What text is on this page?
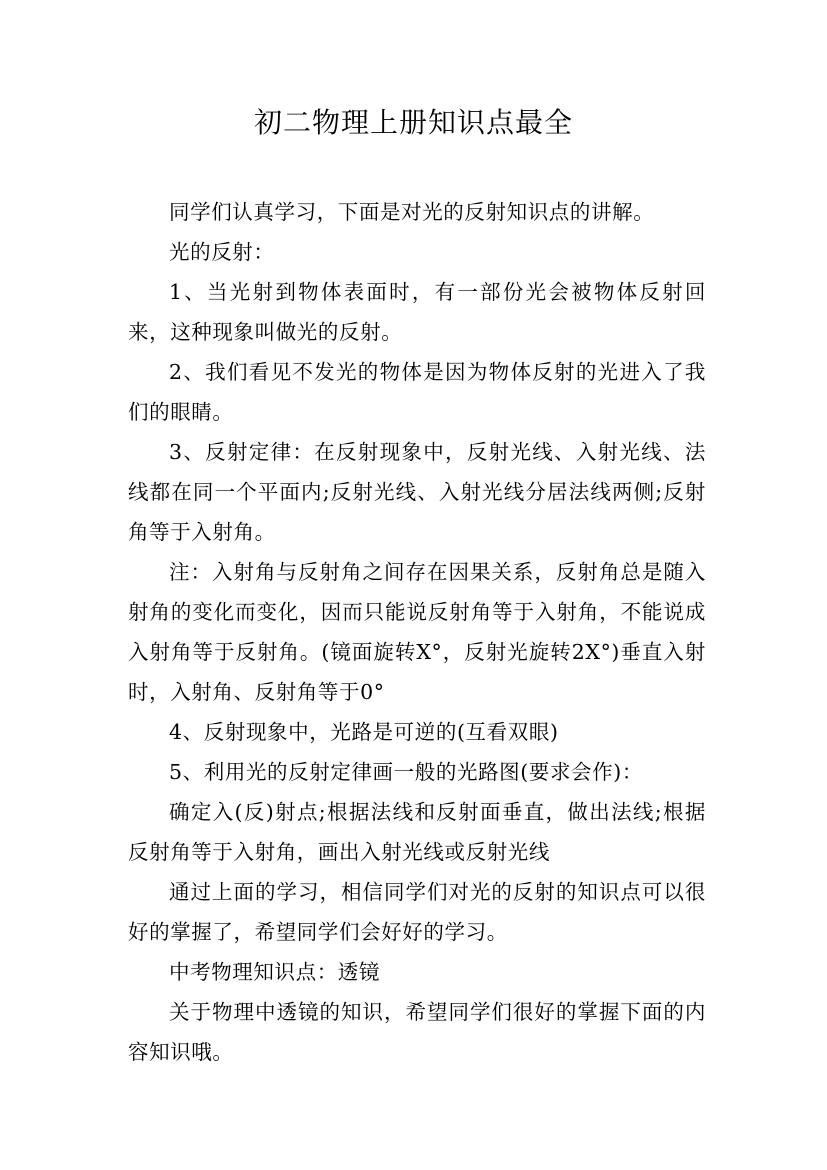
初二物理上册知识点最全

同学们认真学习，下面是对光的反射知识点的讲解。

光的反射：

1、当光射到物体表面时，有一部份光会被物体反射回来，这种现象叫做光的反射。

2、我们看见不发光的物体是因为物体反射的光进入了我们的眼睛。

3、反射定律：在反射现象中，反射光线、入射光线、法线都在同一个平面内;反射光线、入射光线分居法线两侧;反射角等于入射角。

注：入射角与反射角之间存在因果关系，反射角总是随入射角的变化而变化，因而只能说反射角等于入射角，不能说成入射角等于反射角。(镜面旋转X°，反射光旋转2X°)垂直入射时，入射角、反射角等于0°

4、反射现象中，光路是可逆的(互看双眼)

5、利用光的反射定律画一般的光路图(要求会作)：

确定入(反)射点;根据法线和反射面垂直，做出法线;根据反射角等于入射角，画出入射光线或反射光线

通过上面的学习，相信同学们对光的反射的知识点可以很好的掌握了，希望同学们会好好的学习。

中考物理知识点：透镜

关于物理中透镜的知识，希望同学们很好的掌握下面的内容知识哦。
